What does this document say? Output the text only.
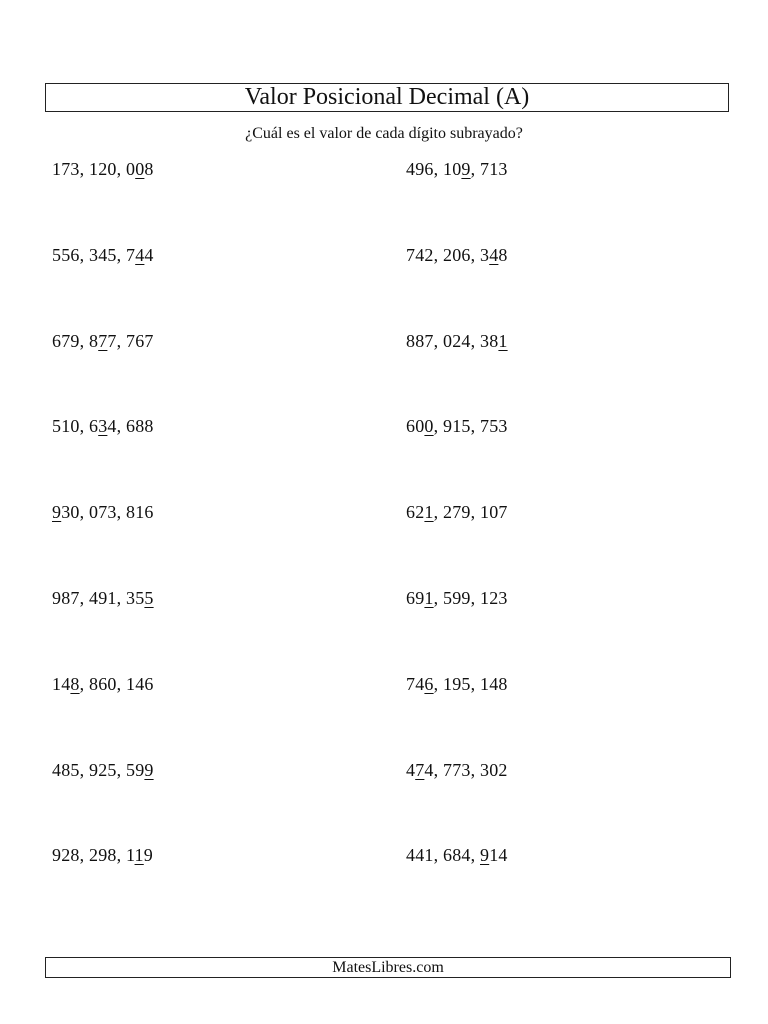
Valor Posicional Decimal (A)
¿Cuál es el valor de cada dígito subrayado?
173, 120, 008	496, 109, 713
556, 345, 744	742, 206, 348
679, 877, 767	887, 024, 381
510, 634, 688	600, 915, 753
930, 073, 816	621, 279, 107
987, 491, 355	691, 599, 123
148, 860, 146	746, 195, 148
485, 925, 599	474, 773, 302
928, 298, 119	441, 684, 914
MatesLibres.com
